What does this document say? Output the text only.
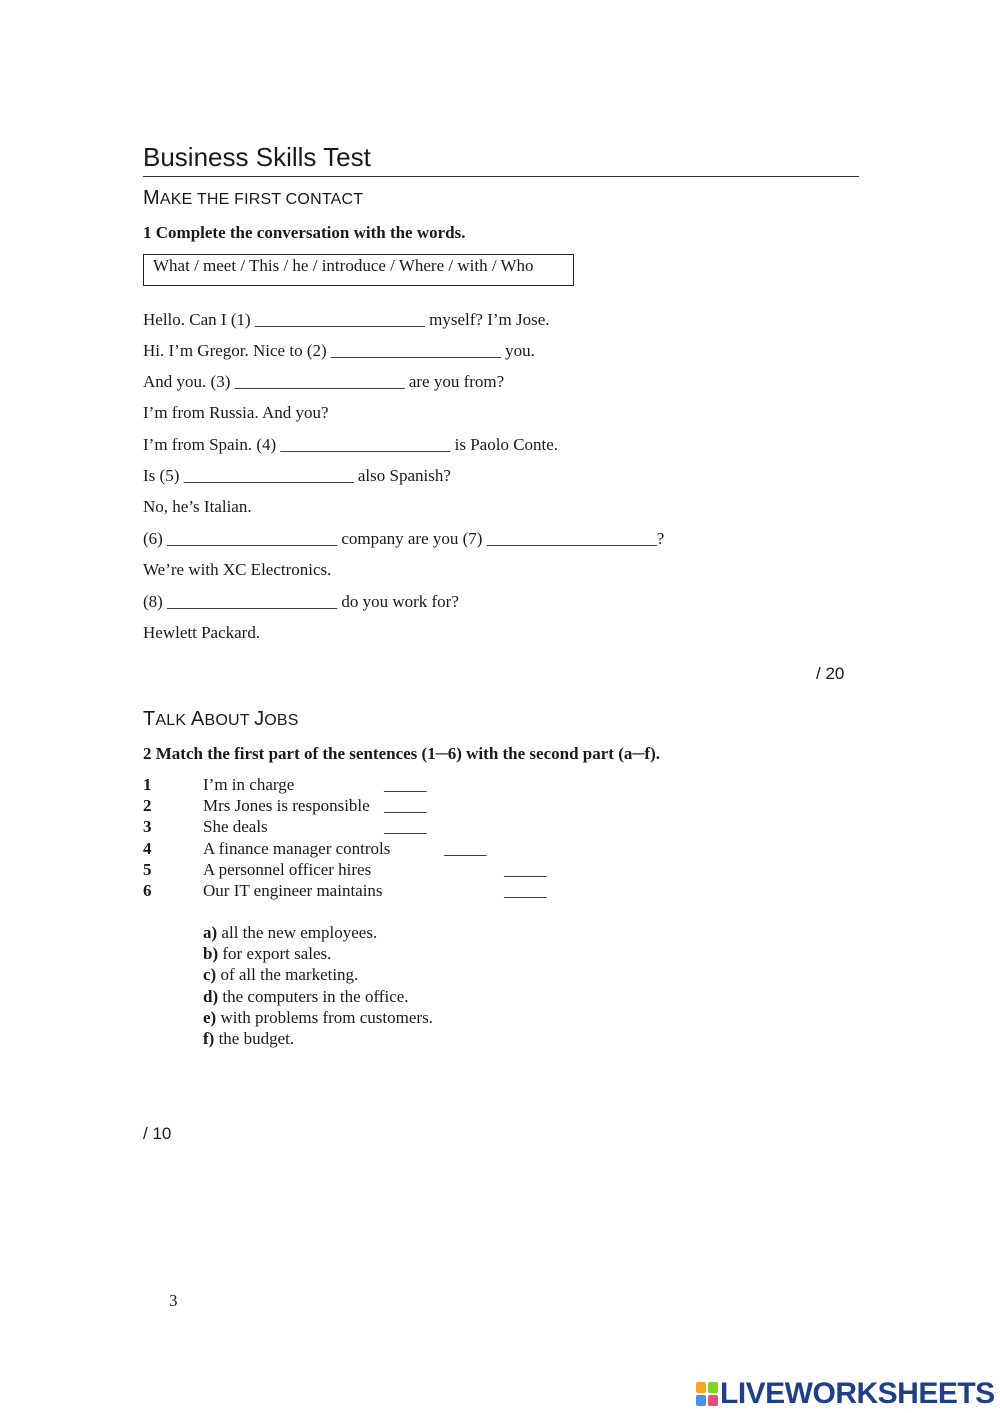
Business Skills Test
MAKE THE FIRST CONTACT
1 Complete the conversation with the words.
What / meet / This / he / introduce / Where / with / Who
Hello. Can I (1) ____________________ myself? I’m Jose.
Hi. I’m Gregor. Nice to (2) ____________________ you.
And you. (3) ____________________ are you from?
I’m from Russia. And you?
I’m from Spain. (4) ____________________ is Paolo Conte.
Is (5) ____________________ also Spanish?
No, he’s Italian.
(6) ____________________ company are you (7) ____________________?
We’re with XC Electronics.
(8) ____________________ do you work for?
Hewlett Packard.
/ 20
TALK ABOUT JOBS
2 Match the first part of the sentences (1─6) with the second part (a─f).
1	I’m in charge	_____
2	Mrs Jones is responsible _____
3	She deals	_____
4	A finance manager controls	_____
5	A personnel officer hires	_____
6	Our IT engineer maintains	_____
a) all the new employees.
b) for export sales.
c) of all the marketing.
d) the computers in the office.
e) with problems from customers.
f) the budget.
/ 10
3
LIVEWORKSHEETS
